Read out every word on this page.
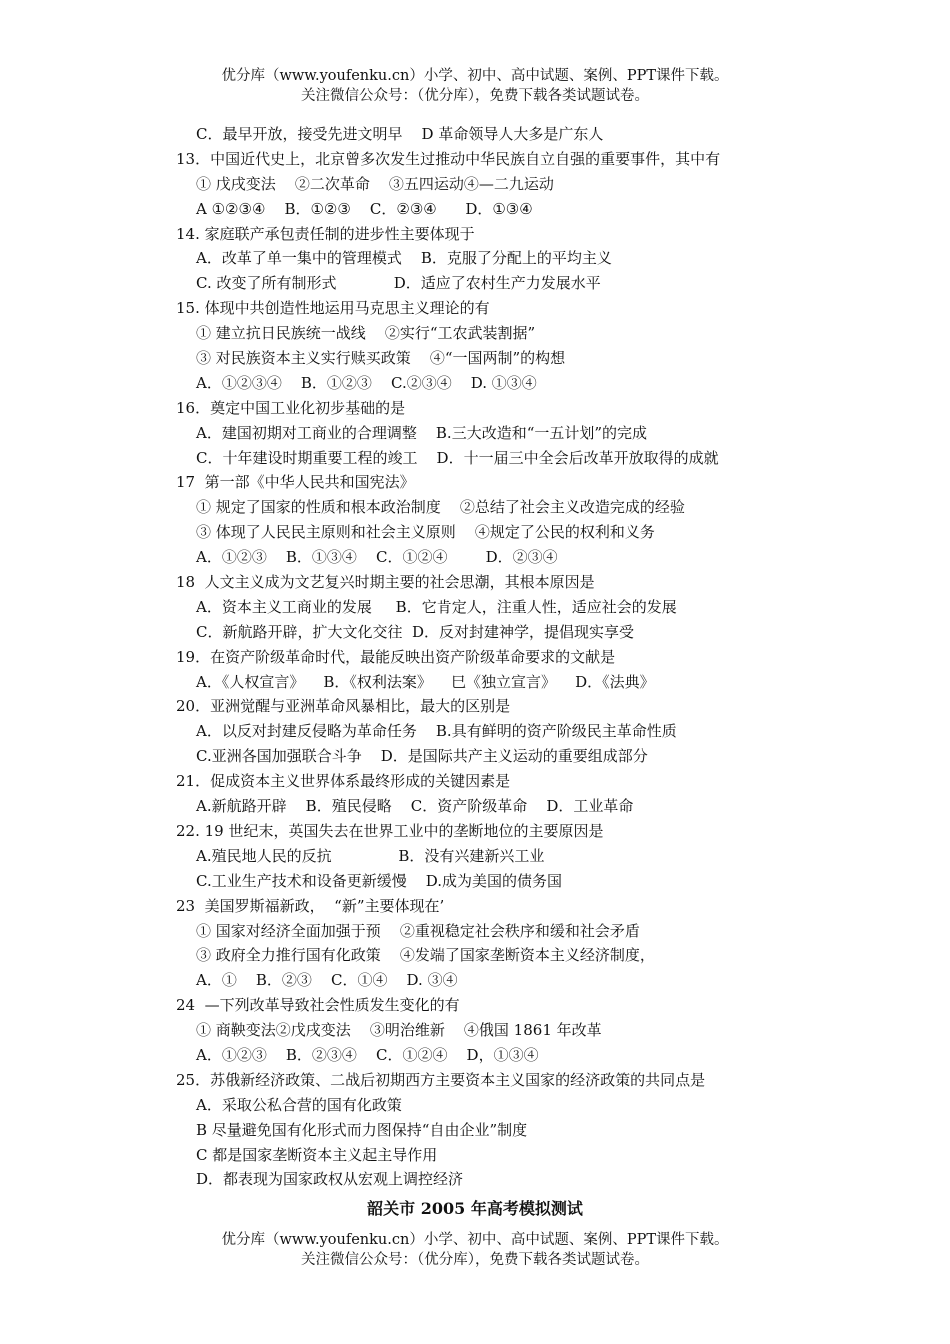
优分库（www.youfenku.cn）小学、初中、高中试题、案例、PPT课件下载。
关注微信公众号：（优分库），免费下载各类试题试卷。
C．最早开放，接受先进文明早    D 革命领导人大多是广东人
13．中国近代史上，北京曾多次发生过推动中华民族自立自强的重要事件，其中有
① 戊戌变法    ②二次革命    ③五四运动④—二九运动
A ①②③④    B．①②③    C．②③④      D．①③④
14. 家庭联产承包责任制的进步性主要体现于
A．改革了单一集中的管理模式    B．克服了分配上的平均主义
C. 改变了所有制形式            D．适应了农村生产力发展水平
15. 体现中共创造性地运用马克思主义理论的有
① 建立抗日民族统一战线    ②实行“工农武装割据”
③ 对民族资本主义实行赎买政策    ④“一国两制”的构想
A．①②③④    B．①②③    C.②③④    D. ①③④
16．奠定中国工业化初步基础的是
A．建国初期对工商业的合理调整    B.三大改造和“一五计划”的完成
C．十年建设时期重要工程的竣工    D．十一届三中全会后改革开放取得的成就
17  第一部《中华人民共和国宪法》
① 规定了国家的性质和根本政治制度    ②总结了社会主义改造完成的经验
③ 体现了人民民主原则和社会主义原则    ④规定了公民的权利和义务
A．①②③    B．①③④    C．①②④        D．②③④
18  人文主义成为文艺复兴时期主要的社会思潮，其根本原因是
A．资本主义工商业的发展     B．它肯定人，注重人性，适应社会的发展
C．新航路开辟，扩大文化交往  D．反对封建神学，提倡现实享受
19．在资产阶级革命时代，最能反映出资产阶级革命要求的文献是
A．《人权宣言》    B．《权利法案》    巳《独立宣言》    D．《法典》
20．亚洲觉醒与亚洲革命风暴相比，最大的区别是
A．以反对封建反侵略为革命任务    B.具有鲜明的资产阶级民主革命性质
C.亚洲各国加强联合斗争    D．是国际共产主义运动的重要组成部分
21．促成资本主义世界体系最终形成的关键因素是
A.新航路开辟    B．殖民侵略    C．资产阶级革命    D．工业革命
22. 19 世纪末，英国失去在世界工业中的垄断地位的主要原因是
A.殖民地人民的反抗              B．没有兴建新兴工业
C.工业生产技术和设备更新缓慢    D.成为美国的债务国
23  美国罗斯福新政，  “新”主要体现在’
① 国家对经济全面加强于预    ②重视稳定社会秩序和缓和社会矛盾
③ 政府全力推行国有化政策    ④发端了国家垄断资本主义经济制度，
A．①    B．②③    C．①④    D. ③④
24  —下列改革导致社会性质发生变化的有
① 商鞅变法②戊戌变法    ③明治维新    ④俄国 1861 年改革
A．①②③    B．②③④    C．①②④    D，①③④
25．苏俄新经济政策、二战后初期西方主要资本主义国家的经济政策的共同点是
A．采取公私合营的国有化政策
B 尽量避免国有化形式而力图保持“自由企业”制度
C 都是国家垄断资本主义起主导作用
D．都表现为国家政权从宏观上调控经济
韶关市 2005 年高考模拟测试
优分库（www.youfenku.cn）小学、初中、高中试题、案例、PPT课件下载。
关注微信公众号：（优分库），免费下载各类试题试卷。
